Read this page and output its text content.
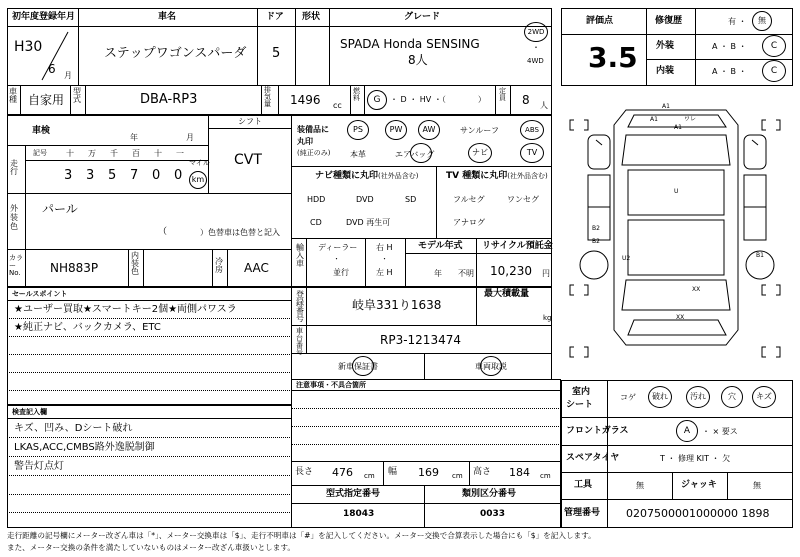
初年度登録年月	車名	ドア 形状	グレード
H30
6 月
ステップワゴンスパーダ 5
SPADA Honda SENSING
8人
2WD
・
4WD
車種 自家用
型式	DBA-RP3
排気量	1496 cc
燃料	G	・ D ・ HV ・（　　　　）
定員 8 人
車検
年	月
シフト
CVT
走行
記号 十 万 千 百 十 一
3 3 5 7 0 0
マイル
km
外装色
パール
（	）色替車は色替と記入
カラーNo. NH883P
内装色
冷房 AAC
装備品に
丸印
(純正のみ)
PS	PW	AW	サンルーフ	ABS
本革	エアバッグ	ナビ	TV
ナビ種類に丸印(社外品含む)
HDD	DVD	SD
CD	DVD 再生可
TV 種類に丸印(社外品含む)
フルセグ	ワンセグ
アナログ
輸入車
ディーラー
・
並行
右 H
・
左 H
モデル年式
年 不明
リサイクル預託金
10,230 円
セールスポイント
★ユーザー買取★スマートキー2個★両側パワスラ
★純正ナビ、バックカメラ、ETC
検査記入欄
キズ、凹み、Dシート破れ
LKAS,ACC,CMBS路外逸脱制御
警告灯点灯
登録番号
岐阜331り1638
最大積載量
kg
車台番号
RP3-1213474
新車保証書	車両取説
注意事項・不具合箇所
長さ 476 cm 幅 169 cm 高さ 184 cm
型式指定番号	類別区分番号
18043	0033
評価点
3.5
修復歴	有 ・	無
外装	A ・ B ・	C
内装	A ・ B ・	C
A1
A1	ワレ
A1
U
B2
B2
U2	B1
XX
XX
室内
シート
コゲ	破れ	汚れ	穴	キズ
フロントガラス	A	・ × 要ス
スペアタイヤ	T ・ 修理 KIT ・ 欠
工具	無	ジャッキ	無
管理番号 0207500001000000 1898
走行距離の記号欄にメーター改ざん車は「*」、メーター交換車は「$」、走行不明車は「#」を記入してください。メーター交換で合算表示した場合にも「$」を記入します。
また、メーター交換の条件を満たしていないものはメーター改ざん車扱いとします。
